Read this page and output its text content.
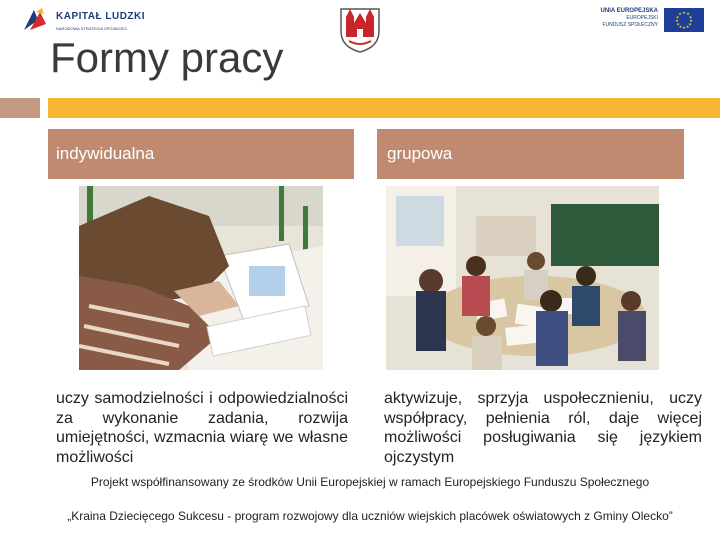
KAPITAŁ LUDZKI
NARODOWA STRATEGIA SPÓJNOŚCI
UNIA EUROPEJSKA
EUROPEJSKI
FUNDUSZ SPOŁECZNY
★ ★
★
★
★
★
★
★
★
★
★
★
Formy pracy
indywidualna	grupowa
uczy samodzielności i odpowiedzialności za wykonanie zadania, rozwija umiejętności, wzmacnia wiarę we własne możliwości
aktywizuje, sprzyja uspołecznieniu, uczy współpracy, pełnienia ról, daje więcej możliwości posługiwania się językiem ojczystym
Projekt współfinansowany ze środków Unii Europejskiej w ramach Europejskiego Funduszu Społecznego
„Kraina Dziecięcego Sukcesu - program rozwojowy dla uczniów wiejskich placówek oświatowych z Gminy Olecko”
